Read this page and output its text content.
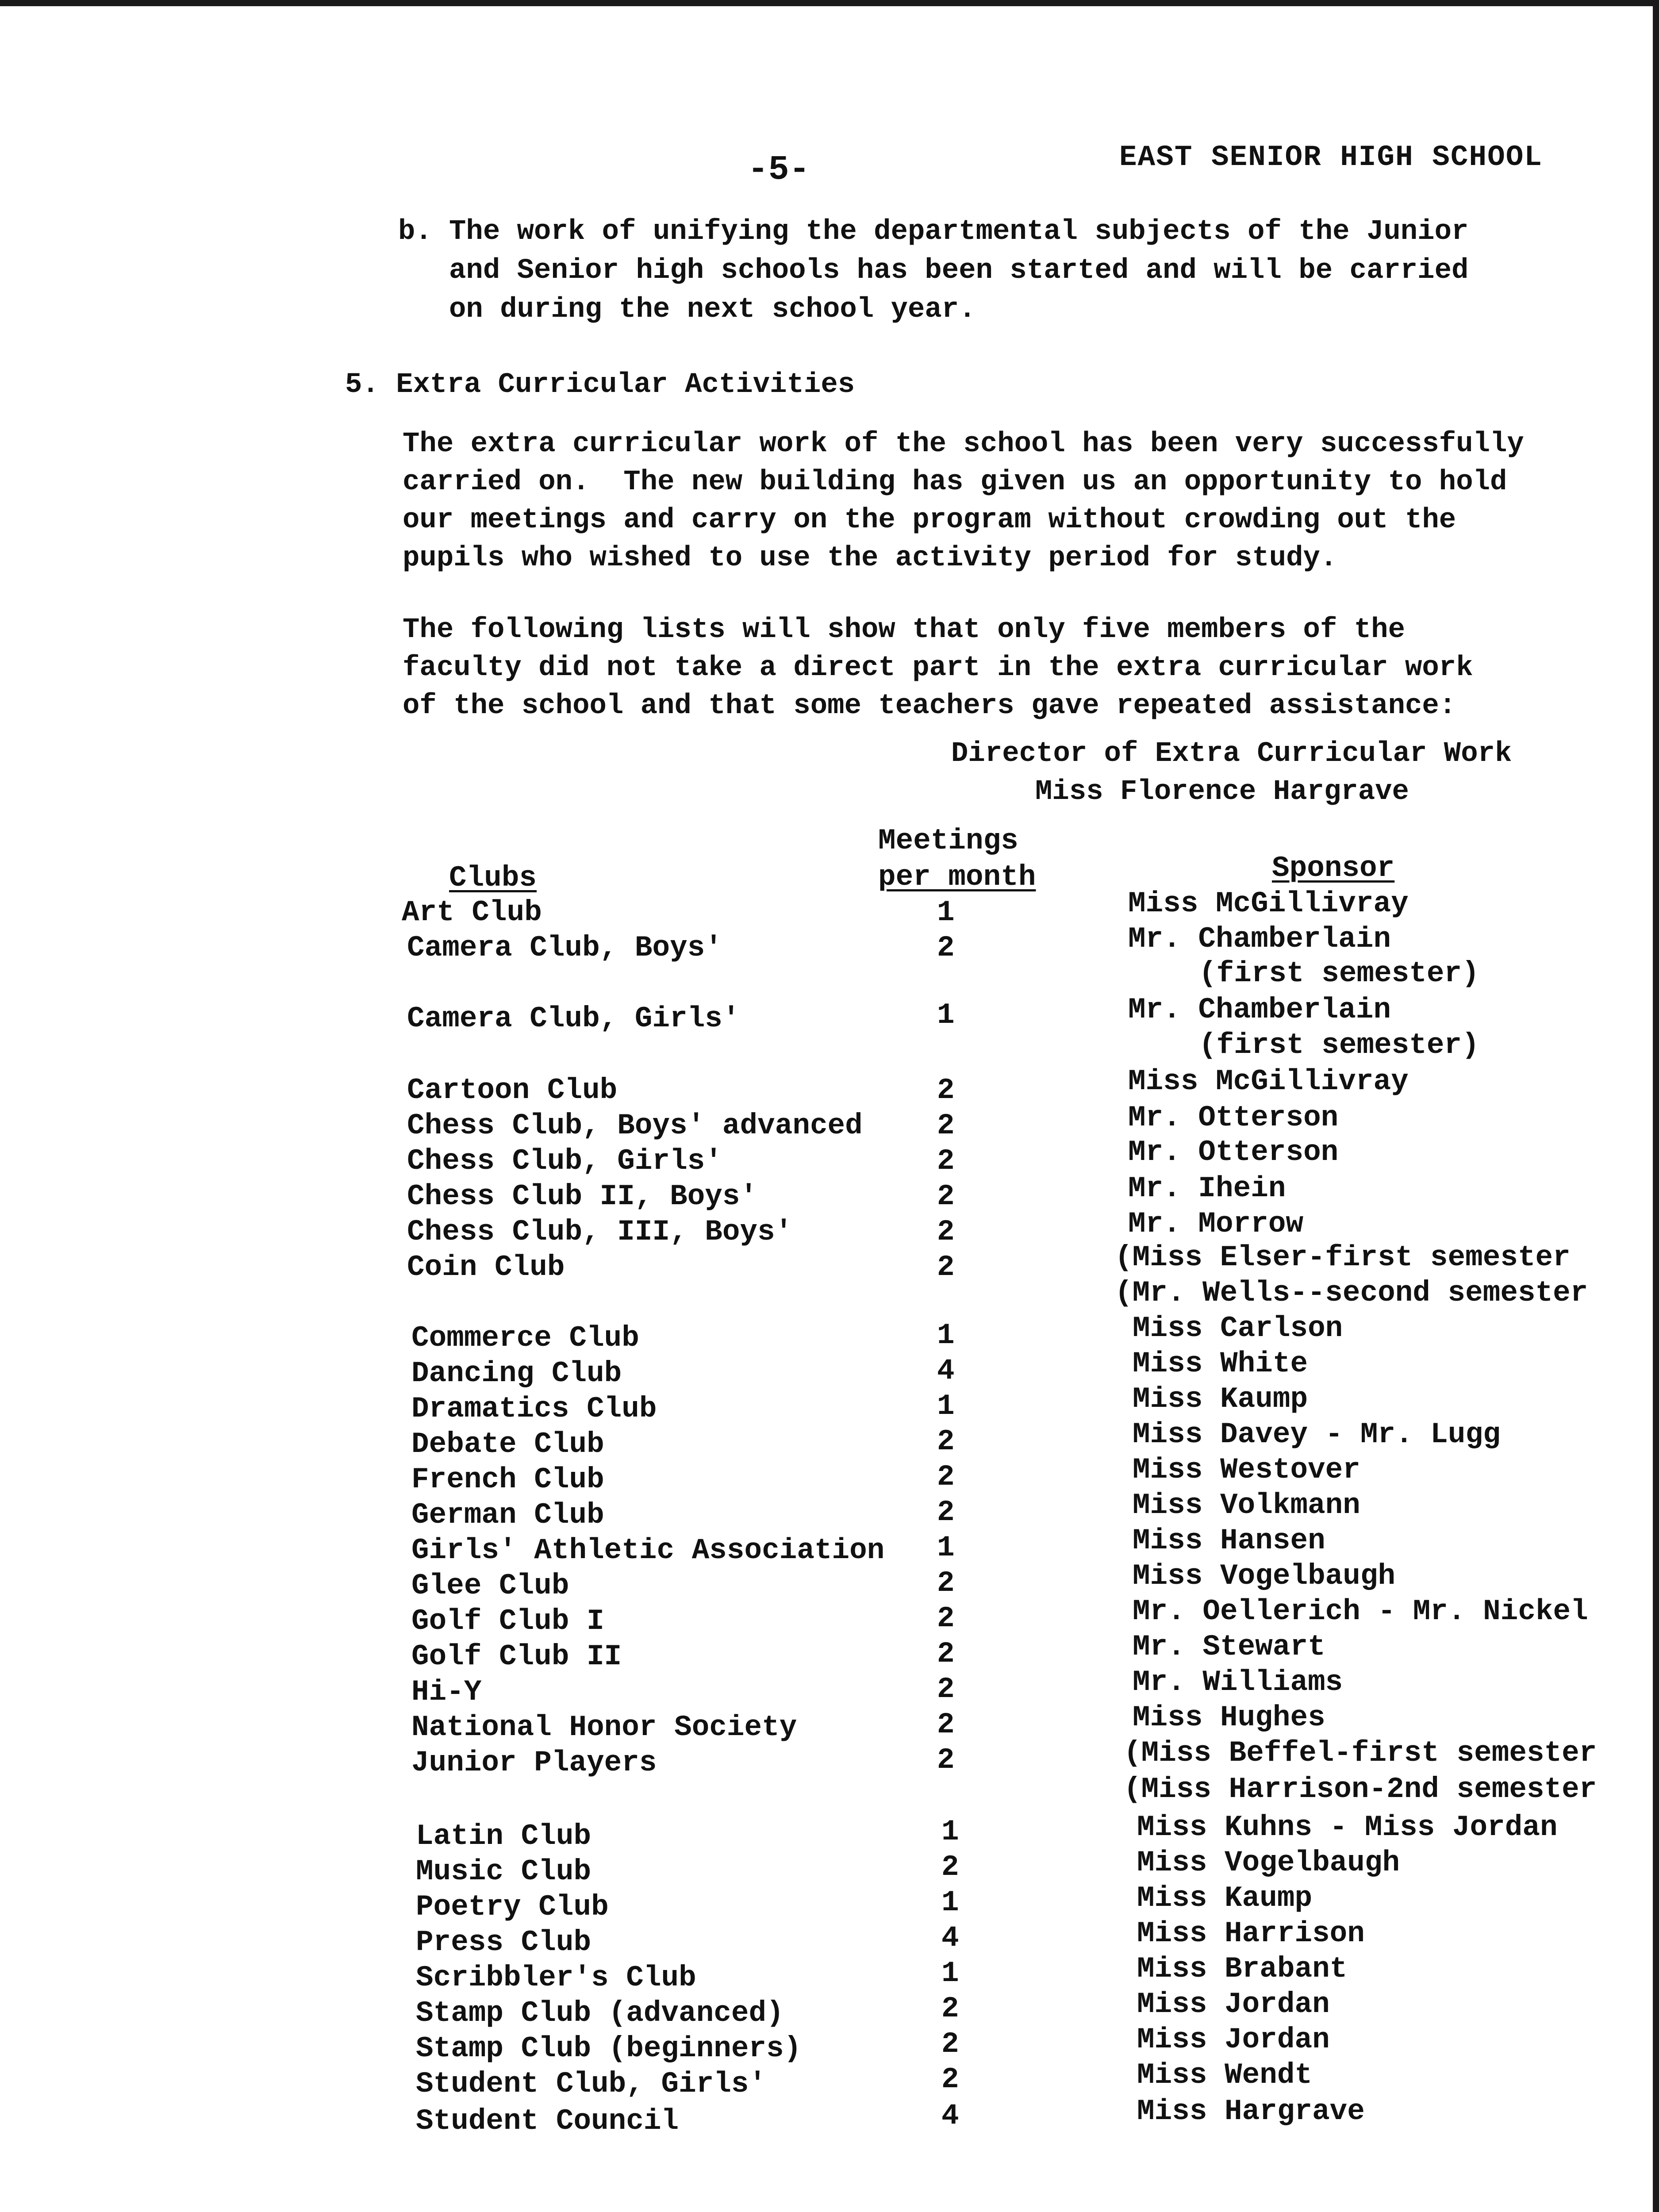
-5-	EAST SENIOR HIGH SCHOOL
b. The work of unifying the departmental subjects of the Junior
and Senior high schools has been started and will be carried
on during the next school year.
5. Extra Curricular Activities
The extra curricular work of the school has been very successfully
carried on.  The new building has given us an opportunity to hold
our meetings and carry on the program without crowding out the
pupils who wished to use the activity period for study.
The following lists will show that only five members of the
faculty did not take a direct part in the extra curricular work
of the school and that some teachers gave repeated assistance:
Director of Extra Curricular Work
Miss Florence Hargrave
Meetings
per month
Clubs	Sponsor
Art Club	1	Miss McGillivray
Camera Club, Boys'	2	Mr. Chamberlain
(first semester)
Camera Club, Girls'	1	Mr. Chamberlain
(first semester)
Cartoon Club	2	Miss McGillivray
Chess Club, Boys' advanced	2	Mr. Otterson
Chess Club, Girls'	2	Mr. Otterson
Chess Club II, Boys'	2	Mr. Ihein
Chess Club, III, Boys'	2	Mr. Morrow
Coin Club	2	(Miss Elser-first semester
(Mr. Wells--second semester
Commerce Club	1	Miss Carlson
Dancing Club	4	Miss White
Dramatics Club	1	Miss Kaump
Debate Club	2	Miss Davey - Mr. Lugg
French Club	2	Miss Westover
German Club	2	Miss Volkmann
Girls' Athletic Association 1	Miss Hansen
Glee Club	2	Miss Vogelbaugh
Golf Club I	2	Mr. Oellerich - Mr. Nickel
Golf Club II	2	Mr. Stewart
Hi-Y	2	Mr. Williams
National Honor Society	2	Miss Hughes
Junior Players	2	(Miss Beffel-first semester
(Miss Harrison-2nd semester
Latin Club	1	Miss Kuhns - Miss Jordan
Music Club	2	Miss Vogelbaugh
Poetry Club	1	Miss Kaump
Press Club	4	Miss Harrison
Scribbler's Club	1	Miss Brabant
Stamp Club (advanced)	2	Miss Jordan
Stamp Club (beginners)	2	Miss Jordan
Student Club, Girls'	2	Miss Wendt
Student Council	4	Miss Hargrave
